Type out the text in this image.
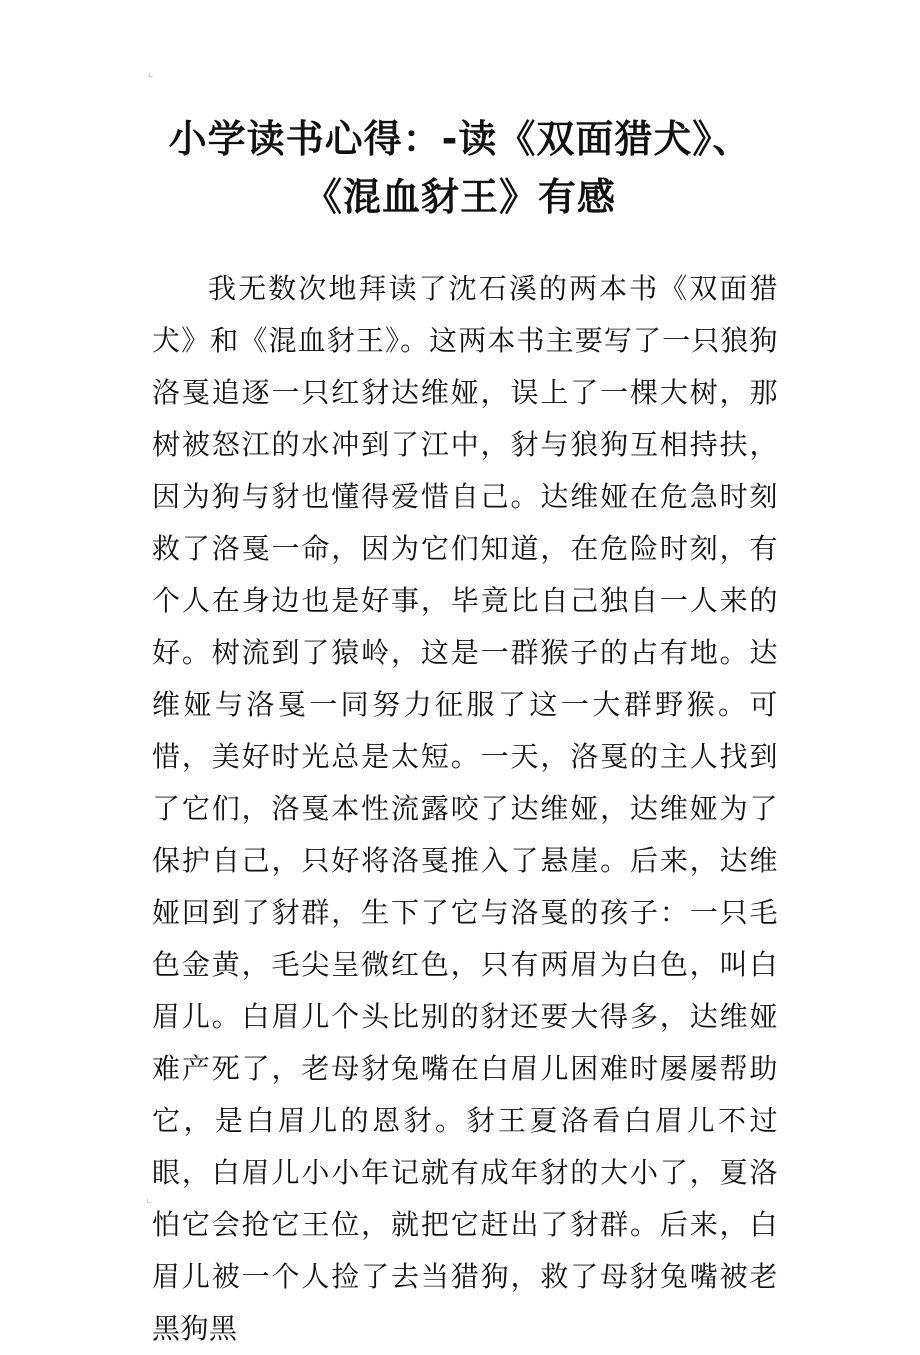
⌞
小学读书心得：-读《双面猎犬》、《混血豺王》有感

我无数次地拜读了沈石溪的两本书《双面猎犬》和《混血豺王》。这两本书主要写了一只狼狗洛戛追逐一只红豺达维娅，误上了一棵大树，那树被怒江的水冲到了江中，豺与狼狗互相持扶，因为狗与豺也懂得爱惜自己。达维娅在危急时刻救了洛戛一命，因为它们知道，在危险时刻，有个人在身边也是好事，毕竟比自己独自一人来的好。树流到了猿岭，这是一群猴子的占有地。达维娅与洛戛一同努力征服了这一大群野猴。可惜，美好时光总是太短。一天，洛戛的主人找到了它们，洛戛本性流露咬了达维娅，达维娅为了保护自己，只好将洛戛推入了悬崖。后来，达维娅回到了豺群，生下了它与洛戛的孩子：一只毛色金黄，毛尖呈微红色，只有两眉为白色，叫白眉儿。白眉儿个头比别的豺还要大得多，达维娅难产死了，老母豺兔嘴在白眉儿困难时屡屡帮助它，是白眉儿的恩豺。豺王夏洛看白眉儿不过眼，白眉儿小小年记就有成年豺的大小了，夏洛怕它会抢它王位，就把它赶出了豺群。后来，白眉儿被一个人捡了去当猎狗，救了母豺兔嘴被老黑狗黑

⌞
